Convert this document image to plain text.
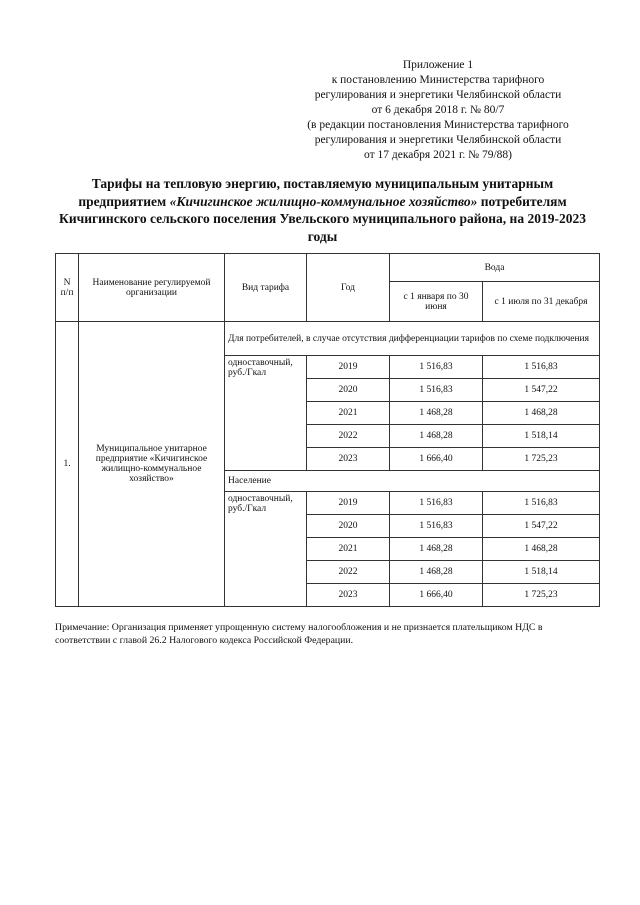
Приложение 1
к постановлению Министерства тарифного
регулирования и энергетики Челябинской области
от 6 декабря 2018 г. № 80/7
(в редакции постановления Министерства тарифного
регулирования и энергетики Челябинской области
от 17 декабря 2021 г. № 79/88)
Тарифы на тепловую энергию, поставляемую муниципальным унитарным предприятием «Кичигинское жилищно-коммунальное хозяйство» потребителям Кичигинского сельского поселения Увельского муниципального района, на 2019-2023 годы
N п/п	Наименование регулируемой организации	Вид тарифа	Год	Вода	
				с 1 января по 30 июня	с 1 июля по 31 декабря
1.	Муниципальное унитарное предприятие «Кичигинское жилищно-коммунальное хозяйство»	Для потребителей, в случае отсутствия дифференциации тарифов по схеме подключения			
		одноставочный, руб./Гкал	2019	1 516,83	1 516,83
			2020	1 516,83	1 547,22
			2021	1 468,28	1 468,28
			2022	1 468,28	1 518,14
			2023	1 666,40	1 725,23
		Население			
		одноставочный, руб./Гкал	2019	1 516,83	1 516,83
			2020	1 516,83	1 547,22
			2021	1 468,28	1 468,28
			2022	1 468,28	1 518,14
			2023	1 666,40	1 725,23
Примечание: Организация применяет упрощенную систему налогообложения и не признается плательщиком НДС в соответствии с главой 26.2 Налогового кодекса Российской Федерации.
